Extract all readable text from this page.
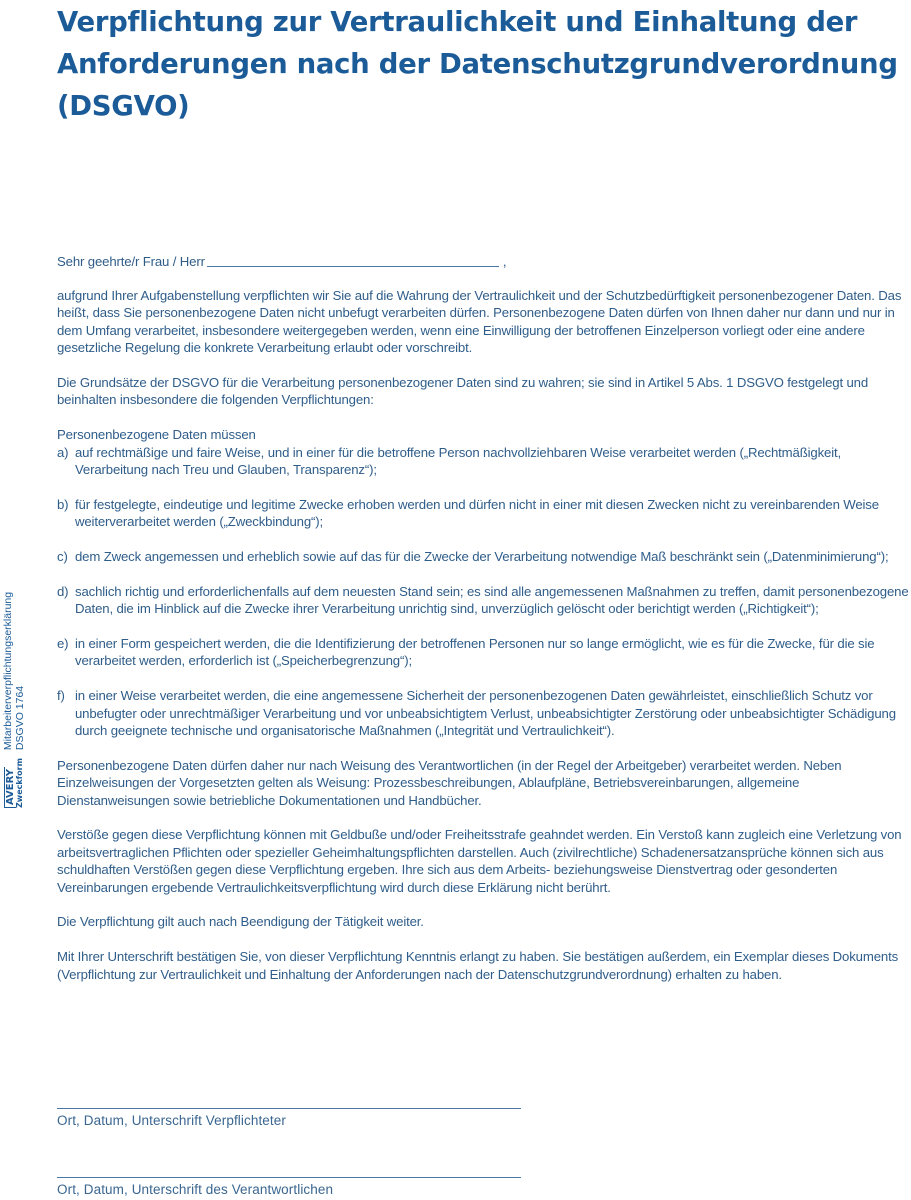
Verpflichtung zur Vertraulichkeit und Einhaltung der
Anforderungen nach der Datenschutzgrundverordnung
(DSGVO)
Sehr geehrte/r Frau / Herr	,

aufgrund Ihrer Aufgabenstellung verpflichten wir Sie auf die Wahrung der Vertraulichkeit und der Schutzbedürftigkeit personenbezogener Daten. Das heißt, dass Sie personenbezogene Daten nicht unbefugt verarbeiten dürfen. Personenbezogene Daten dürfen von Ihnen daher nur dann und nur in dem Umfang verarbeitet, insbesondere weitergegeben werden, wenn eine Einwilligung der betroffenen Einzelperson vorliegt oder eine andere gesetzliche Regelung die konkrete Verarbeitung erlaubt oder vorschreibt.

Die Grundsätze der DSGVO für die Verarbeitung personenbezogener Daten sind zu wahren; sie sind in Artikel 5 Abs. 1 DSGVO festgelegt und beinhalten insbesondere die folgenden Verpflichtungen:

Personenbezogene Daten müssen

a) auf rechtmäßige und faire Weise, und in einer für die betroffene Person nachvollziehbaren Weise verarbeitet werden („Rechtmäßigkeit, Verarbeitung nach Treu und Glauben, Transparenz“);
b) für festgelegte, eindeutige und legitime Zwecke erhoben werden und dürfen nicht in einer mit diesen Zwecken nicht zu vereinbarenden Weise weiterverarbeitet werden („Zweckbindung“);
c) dem Zweck angemessen und erheblich sowie auf das für die Zwecke der Verarbeitung notwendige Maß beschränkt sein („Datenminimierung“);
d) sachlich richtig und erforderlichenfalls auf dem neuesten Stand sein; es sind alle angemessenen Maßnahmen zu treffen, damit personenbezogene Daten, die im Hinblick auf die Zwecke ihrer Verarbeitung unrichtig sind, unverzüglich gelöscht oder berichtigt werden („Richtigkeit“);
e) in einer Form gespeichert werden, die die Identifizierung der betroffenen Personen nur so lange ermöglicht, wie es für die Zwecke, für die sie verarbeitet werden, erforderlich ist („Speicherbegrenzung“);
f) in einer Weise verarbeitet werden, die eine angemessene Sicherheit der personenbezogenen Daten gewährleistet, einschließlich Schutz vor unbefugter oder unrechtmäßiger Verarbeitung und vor unbeabsichtigtem Verlust, unbeabsichtigter Zerstörung oder unbeabsichtigter Schädigung durch geeignete technische und organisatorische Maßnahmen („Integrität und Vertraulichkeit“).

Personenbezogene Daten dürfen daher nur nach Weisung des Verantwortlichen (in der Regel der Arbeitgeber) verarbeitet werden. Neben Einzelweisungen der Vorgesetzten gelten als Weisung: Prozessbeschreibungen, Ablaufpläne, Betriebsvereinbarungen, allgemeine Dienstanweisungen sowie betriebliche Dokumentationen und Handbücher.

Verstöße gegen diese Verpflichtung können mit Geldbuße und/oder Freiheitsstrafe geahndet werden. Ein Verstoß kann zugleich eine Verletzung von arbeitsvertraglichen Pflichten oder spezieller Geheimhaltungspflichten darstellen. Auch (zivilrechtliche) Schadenersatzansprüche können sich aus schuldhaften Verstößen gegen diese Verpflichtung ergeben. Ihre sich aus dem Arbeits- beziehungsweise Dienstvertrag oder gesonderten Vereinbarungen ergebende Vertraulichkeitsverpflichtung wird durch diese Erklärung nicht berührt.

Die Verpflichtung gilt auch nach Beendigung der Tätigkeit weiter.

Mit Ihrer Unterschrift bestätigen Sie, von dieser Verpflichtung Kenntnis erlangt zu haben. Sie bestätigen außerdem, ein Exemplar dieses Dokuments (Verpflichtung zur Vertraulichkeit und Einhaltung der Anforderungen nach der Datenschutzgrundverordnung) erhalten zu haben.

Ort, Datum, Unterschrift Verpflichteter
Ort, Datum, Unterschrift des Verantwortlichen
AVERY Zweckform
Mitarbeiterverpflichtungserklärung DSGVO 1764
